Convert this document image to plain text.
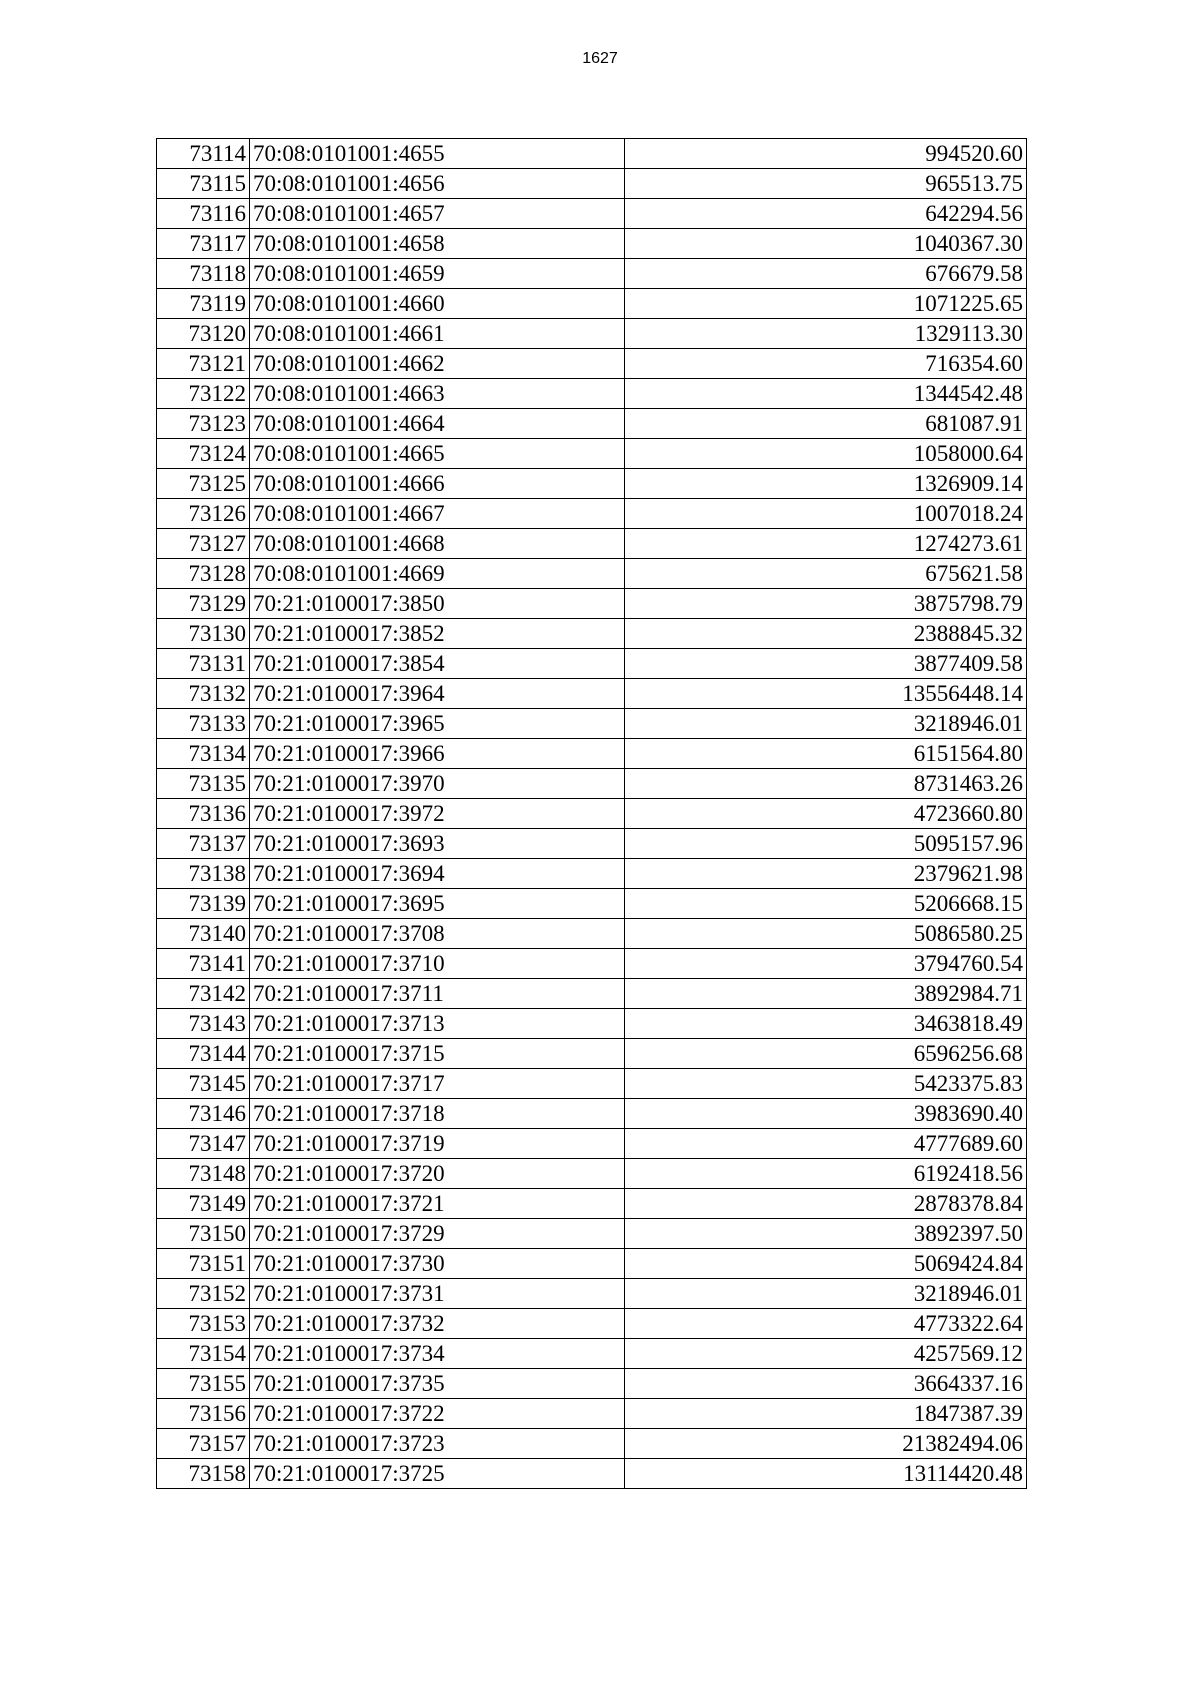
1627
73114	70:08:0101001:4655	994520.60
73115	70:08:0101001:4656	965513.75
73116	70:08:0101001:4657	642294.56
73117	70:08:0101001:4658	1040367.30
73118	70:08:0101001:4659	676679.58
73119	70:08:0101001:4660	1071225.65
73120	70:08:0101001:4661	1329113.30
73121	70:08:0101001:4662	716354.60
73122	70:08:0101001:4663	1344542.48
73123	70:08:0101001:4664	681087.91
73124	70:08:0101001:4665	1058000.64
73125	70:08:0101001:4666	1326909.14
73126	70:08:0101001:4667	1007018.24
73127	70:08:0101001:4668	1274273.61
73128	70:08:0101001:4669	675621.58
73129	70:21:0100017:3850	3875798.79
73130	70:21:0100017:3852	2388845.32
73131	70:21:0100017:3854	3877409.58
73132	70:21:0100017:3964	13556448.14
73133	70:21:0100017:3965	3218946.01
73134	70:21:0100017:3966	6151564.80
73135	70:21:0100017:3970	8731463.26
73136	70:21:0100017:3972	4723660.80
73137	70:21:0100017:3693	5095157.96
73138	70:21:0100017:3694	2379621.98
73139	70:21:0100017:3695	5206668.15
73140	70:21:0100017:3708	5086580.25
73141	70:21:0100017:3710	3794760.54
73142	70:21:0100017:3711	3892984.71
73143	70:21:0100017:3713	3463818.49
73144	70:21:0100017:3715	6596256.68
73145	70:21:0100017:3717	5423375.83
73146	70:21:0100017:3718	3983690.40
73147	70:21:0100017:3719	4777689.60
73148	70:21:0100017:3720	6192418.56
73149	70:21:0100017:3721	2878378.84
73150	70:21:0100017:3729	3892397.50
73151	70:21:0100017:3730	5069424.84
73152	70:21:0100017:3731	3218946.01
73153	70:21:0100017:3732	4773322.64
73154	70:21:0100017:3734	4257569.12
73155	70:21:0100017:3735	3664337.16
73156	70:21:0100017:3722	1847387.39
73157	70:21:0100017:3723	21382494.06
73158	70:21:0100017:3725	13114420.48
